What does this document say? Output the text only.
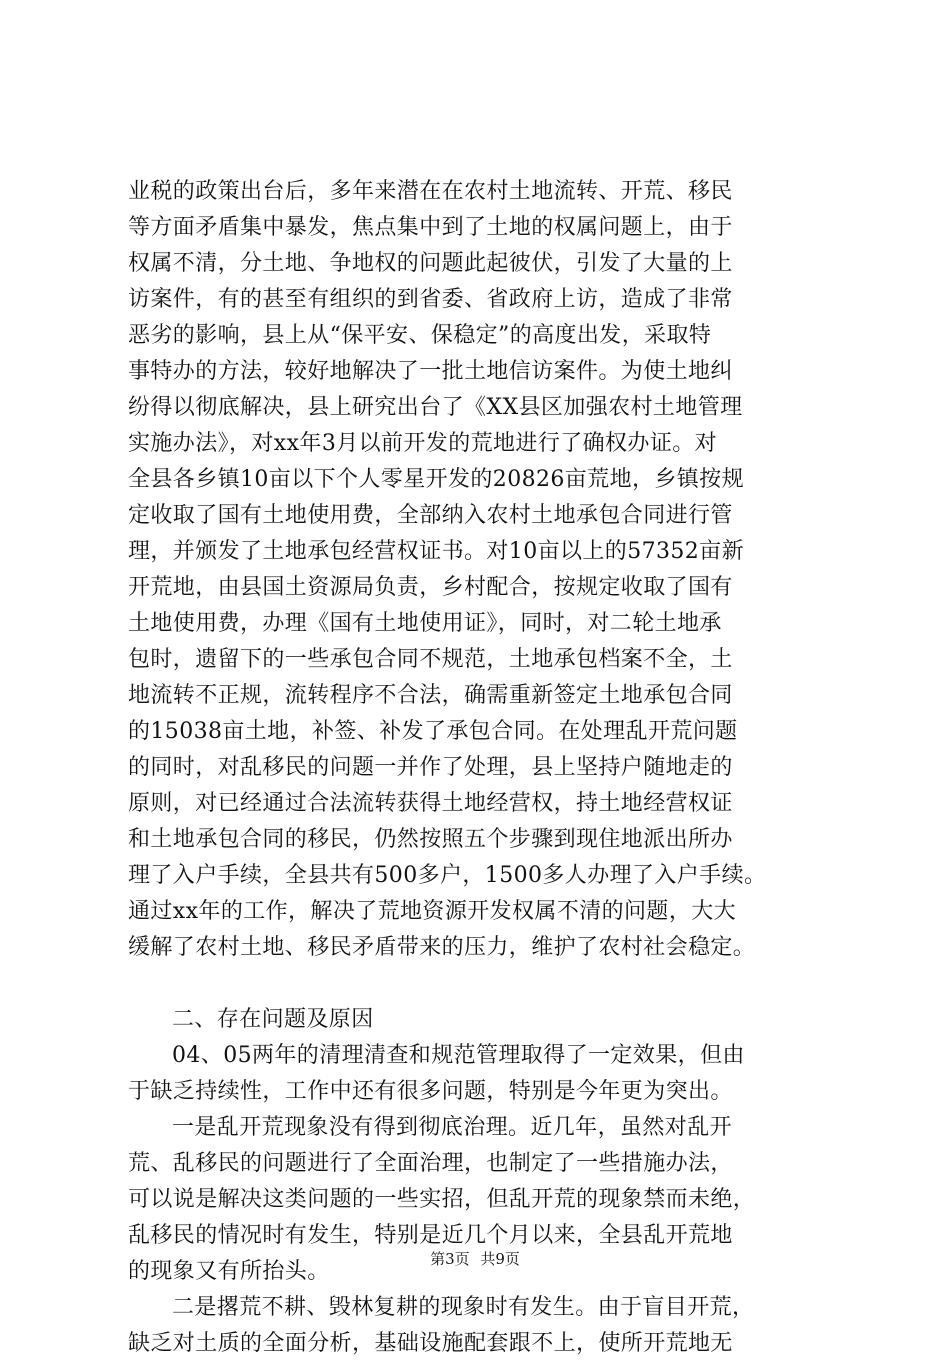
业税的政策出台后，多年来潜在在农村土地流转、开荒、移民
等方面矛盾集中暴发，焦点集中到了土地的权属问题上，由于
权属不清，分土地、争地权的问题此起彼伏，引发了大量的上
访案件，有的甚至有组织的到省委、省政府上访，造成了非常
恶劣的影响，县上从“保平安、保稳定”的高度出发，采取特
事特办的方法，较好地解决了一批土地信访案件。为使土地纠
纷得以彻底解决，县上研究出台了《XX县区加强农村土地管理
实施办法》，对xx年3月以前开发的荒地进行了确权办证。对
全县各乡镇10亩以下个人零星开发的20826亩荒地，乡镇按规
定收取了国有土地使用费，全部纳入农村土地承包合同进行管
理，并颁发了土地承包经营权证书。对10亩以上的57352亩新
开荒地，由县国土资源局负责，乡村配合，按规定收取了国有
土地使用费，办理《国有土地使用证》，同时，对二轮土地承
包时，遗留下的一些承包合同不规范，土地承包档案不全，土
地流转不正规，流转程序不合法，确需重新签定土地承包合同
的15038亩土地，补签、补发了承包合同。在处理乱开荒问题
的同时，对乱移民的问题一并作了处理，县上坚持户随地走的
原则，对已经通过合法流转获得土地经营权，持土地经营权证
和土地承包合同的移民，仍然按照五个步骤到现住地派出所办
理了入户手续，全县共有500多户，1500多人办理了入户手续。
通过xx年的工作，解决了荒地资源开发权属不清的问题，大大
缓解了农村土地、移民矛盾带来的压力，维护了农村社会稳定。
二、存在问题及原因
04、05两年的清理清查和规范管理取得了一定效果，但由
于缺乏持续性，工作中还有很多问题，特别是今年更为突出。
一是乱开荒现象没有得到彻底治理。近几年，虽然对乱开
荒、乱移民的问题进行了全面治理，也制定了一些措施办法，
可以说是解决这类问题的一些实招，但乱开荒的现象禁而未绝，
乱移民的情况时有发生，特别是近几个月以来，全县乱开荒地
的现象又有所抬头。
二是撂荒不耕、毁林复耕的现象时有发生。由于盲目开荒，
缺乏对土质的全面分析，基础设施配套跟不上，使所开荒地无
第3页 共9页
